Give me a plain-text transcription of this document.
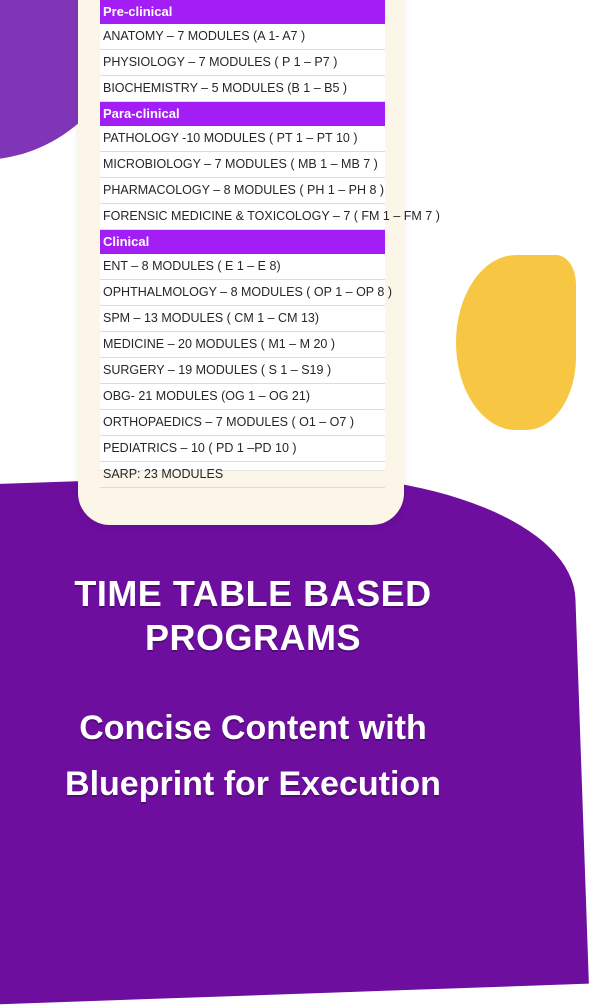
Pre-clinical
ANATOMY – 7 MODULES (A 1- A7 )
PHYSIOLOGY – 7 MODULES ( P 1 – P7 )
BIOCHEMISTRY – 5 MODULES (B 1 – B5 )
Para-clinical
PATHOLOGY -10 MODULES ( PT 1 – PT 10 )
MICROBIOLOGY – 7 MODULES ( MB 1 – MB 7 )
PHARMACOLOGY – 8 MODULES ( PH 1 – PH 8 )
FORENSIC MEDICINE & TOXICOLOGY – 7 ( FM 1 – FM 7 )
Clinical
ENT – 8 MODULES ( E 1 – E 8)
OPHTHALMOLOGY – 8 MODULES ( OP 1 – OP 8 )
SPM – 13 MODULES ( CM 1 – CM 13)
MEDICINE – 20 MODULES ( M1 – M 20 )
SURGERY – 19 MODULES ( S 1 – S19 )
OBG- 21 MODULES (OG 1 – OG 21)
ORTHOPAEDICS – 7 MODULES ( O1 – O7 )
PEDIATRICS – 10 ( PD 1 –PD 10 )
SARP: 23 MODULES
TIME TABLE BASED
PROGRAMS
Concise Content with
Blueprint for Execution
